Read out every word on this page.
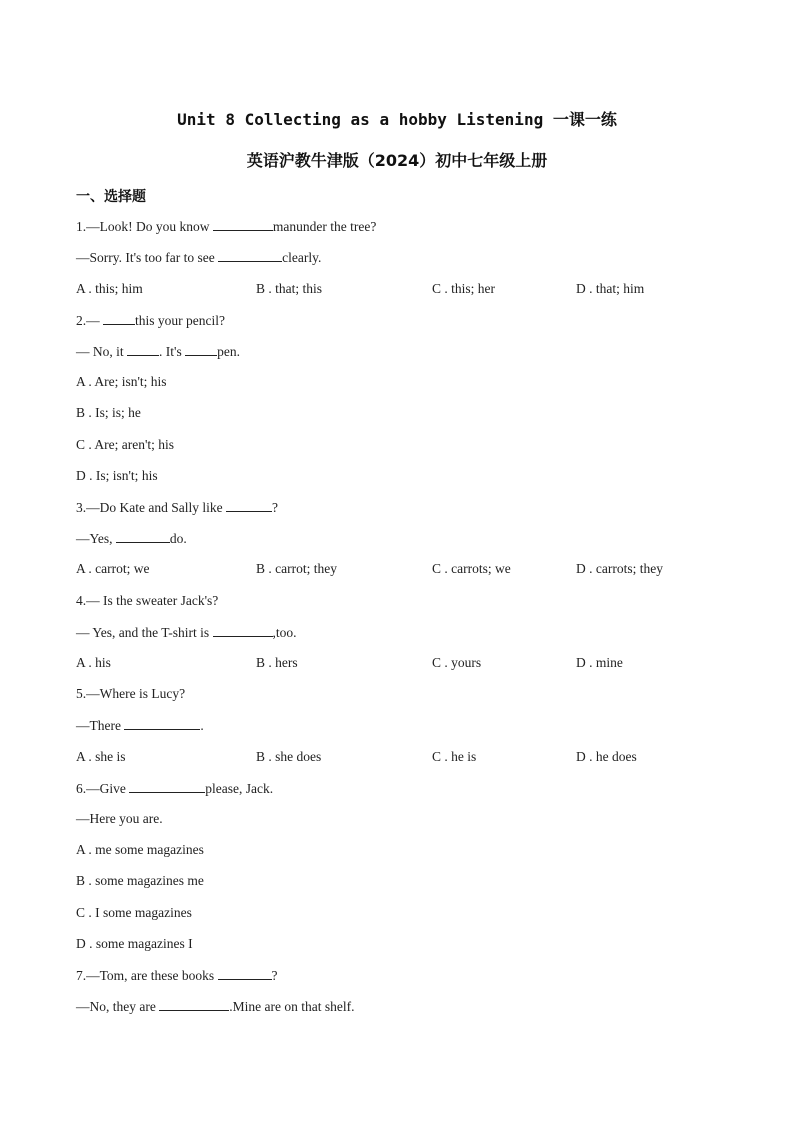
Unit 8 Collecting as a hobby Listening 一课一练
英语沪教牛津版（2024）初中七年级上册
一、选择题
1.—Look! Do you know	manunder the tree?
—Sorry. It's too far to see	clearly.
A . this; him	B . that; this	C . this; her	D . that; him
2.— this your pencil?
— No, it . It's pen.
A . Are; isn't; his
B . Is; is; he
C . Are; aren't; his
D . Is; isn't; his
3.—Do Kate and Sally like	?
—Yes,	do.
A . carrot; we	B . carrot; they	C . carrots; we	D . carrots; they
4.— Is the sweater Jack's?
— Yes, and the T-shirt is	,too.
A . his	B . hers	C . yours	D . mine
5.—Where is Lucy?
—There	.
A . she is	B . she does	C . he is	D . he does
6.—Give	please, Jack.
—Here you are.
A . me some magazines
B . some magazines me
C . I some magazines
D . some magazines I
7.—Tom, are these books	?
—No, they are	.Mine are on that shelf.
